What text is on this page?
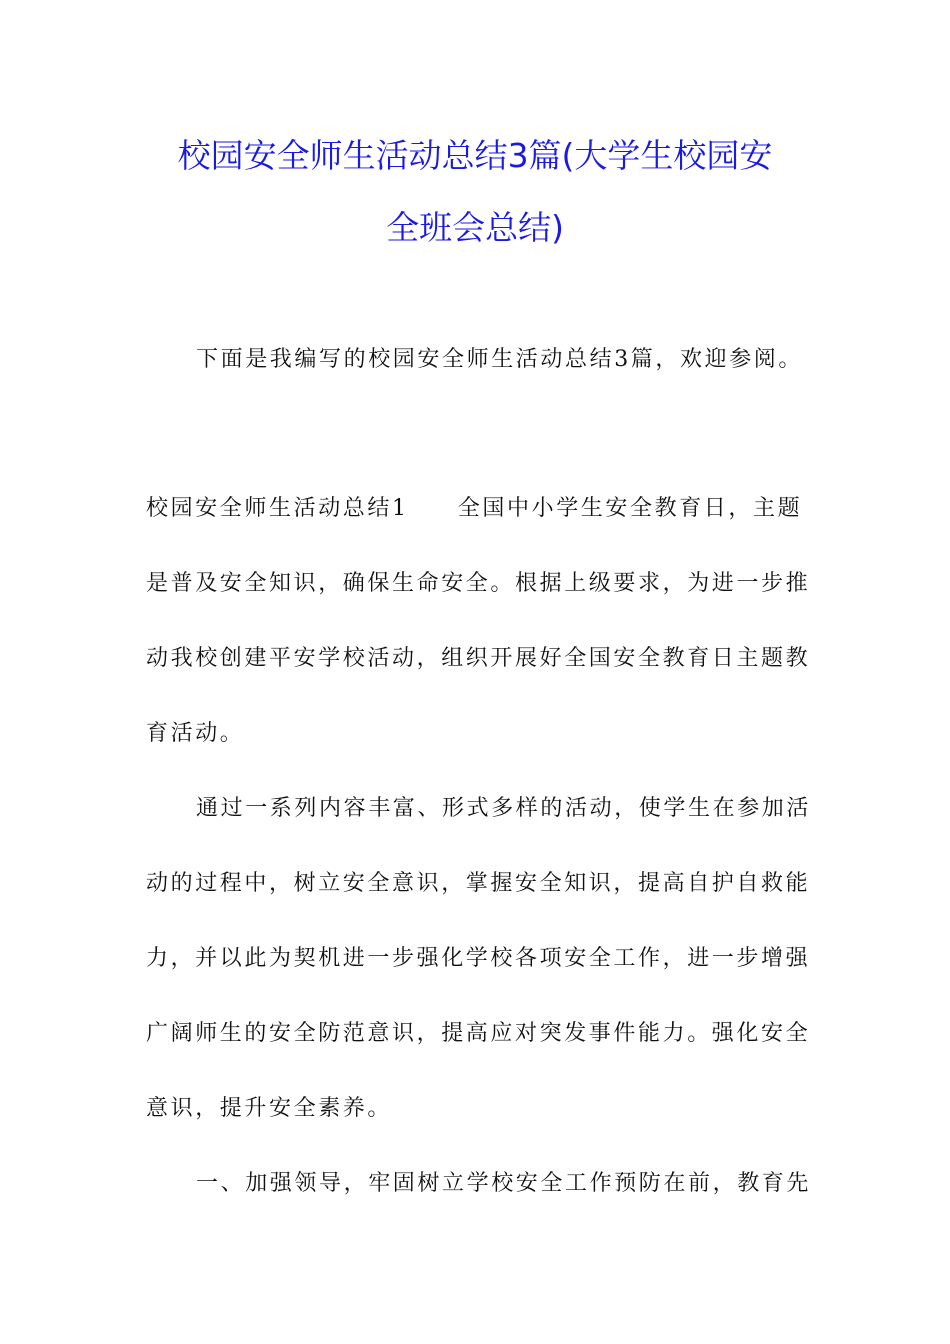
校园安全师生活动总结3篇(大学生校园安
全班会总结)
下面是我编写的校园安全师生活动总结3篇，欢迎参阅。
校园安全师生活动总结1　　全国中小学生安全教育日，主题
是普及安全知识，确保生命安全。根据上级要求，为进一步推
动我校创建平安学校活动，组织开展好全国安全教育日主题教
育活动。
通过一系列内容丰富、形式多样的活动，使学生在参加活
动的过程中，树立安全意识，掌握安全知识，提高自护自救能
力，并以此为契机进一步强化学校各项安全工作，进一步增强
广阔师生的安全防范意识，提高应对突发事件能力。强化安全
意识，提升安全素养。
一、加强领导，牢固树立学校安全工作预防在前，教育先
